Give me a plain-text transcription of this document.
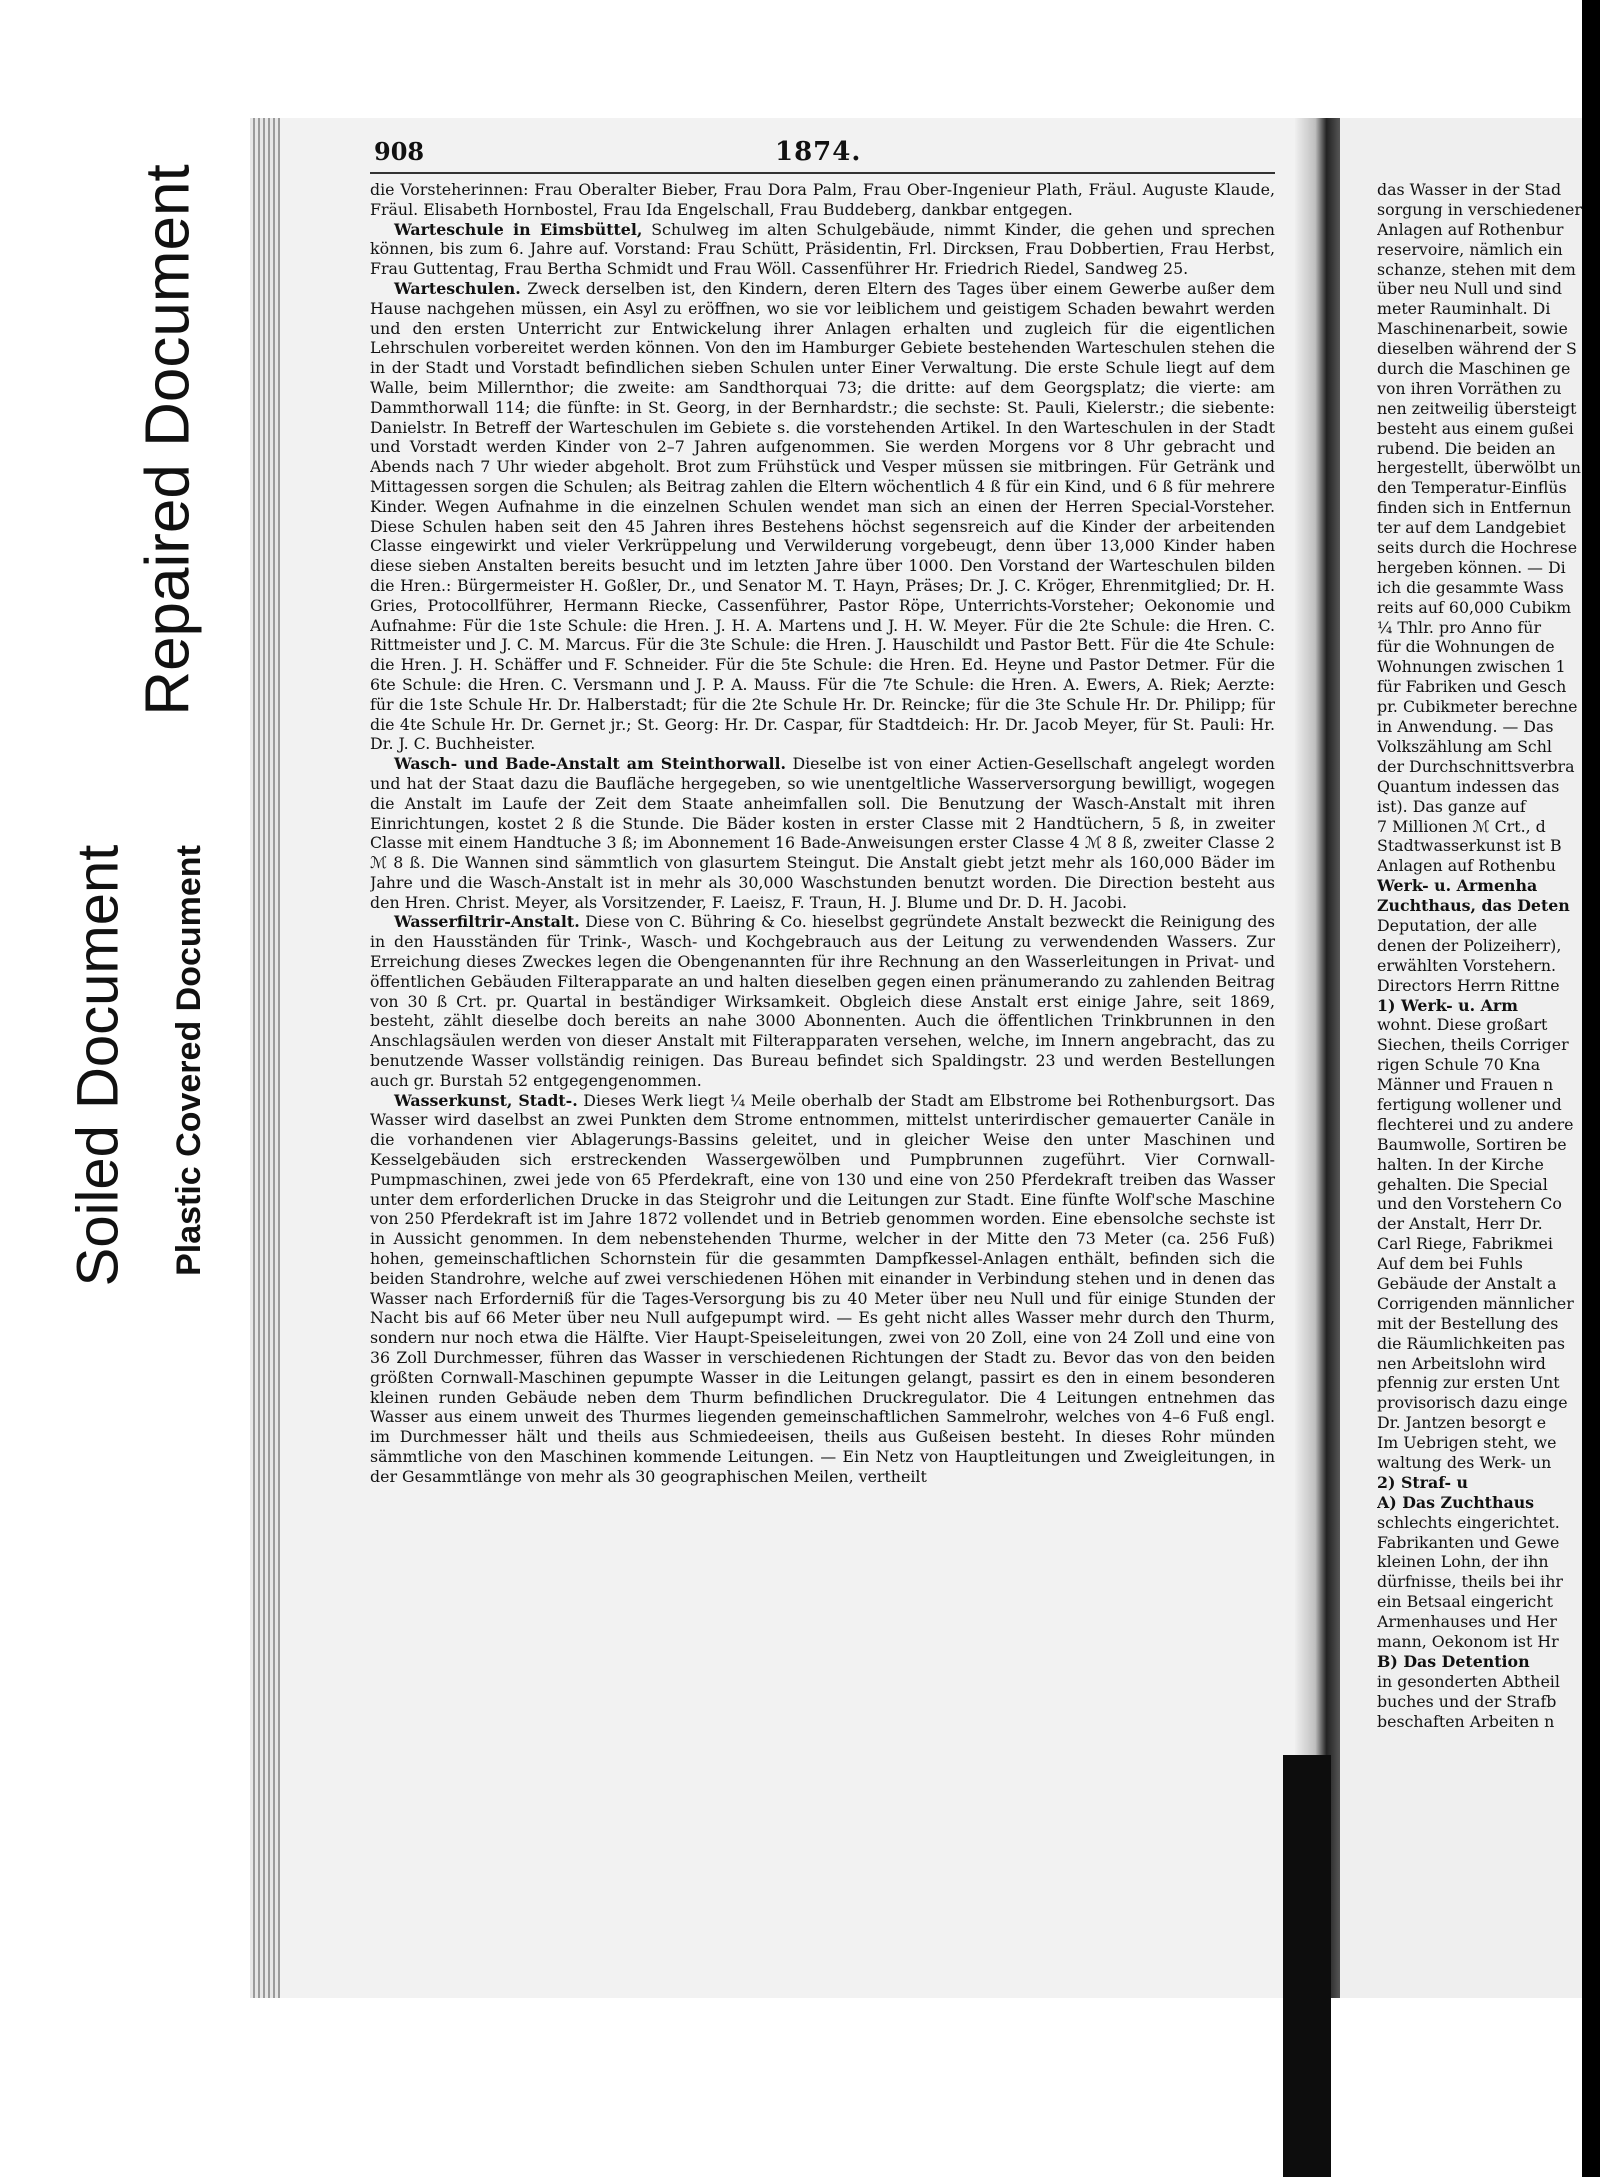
Repaired Document
Soiled Document Plastic Covered Document
908	1874.

die Vorsteherinnen: Frau Oberalter Bieber, Frau Dora Palm, Frau Ober-Ingenieur Plath, Fräul. Auguste Klaude, Fräul. Elisabeth Hornbostel, Frau Ida Engelschall, Frau Buddeberg, dankbar entgegen.

Warteschule in Eimsbüttel, Schulweg im alten Schulgebäude, nimmt Kinder, die gehen und sprechen können, bis zum 6. Jahre auf. Vorstand: Frau Schütt, Präsidentin, Frl. Dircksen, Frau Dobbertien, Frau Herbst, Frau Guttentag, Frau Bertha Schmidt und Frau Wöll. Cassenführer Hr. Friedrich Riedel, Sandweg 25.

Warteschulen. Zweck derselben ist, den Kindern, deren Eltern des Tages über einem Gewerbe außer dem Hause nachgehen müssen, ein Asyl zu eröffnen, wo sie vor leiblichem und geistigem Schaden bewahrt werden und den ersten Unterricht zur Entwickelung ihrer Anlagen erhalten und zugleich für die eigentlichen Lehrschulen vorbereitet werden können. Von den im Hamburger Gebiete bestehenden Warteschulen stehen die in der Stadt und Vorstadt befindlichen sieben Schulen unter Einer Verwaltung. Die erste Schule liegt auf dem Walle, beim Millernthor; die zweite: am Sandthorquai 73; die dritte: auf dem Georgsplatz; die vierte: am Dammthorwall 114; die fünfte: in St. Georg, in der Bernhardstr.; die sechste: St. Pauli, Kielerstr.; die siebente: Danielstr. In Betreff der Warteschulen im Gebiete s. die vorstehenden Artikel. In den Warteschulen in der Stadt und Vorstadt werden Kinder von 2–7 Jahren aufgenommen. Sie werden Morgens vor 8 Uhr gebracht und Abends nach 7 Uhr wieder abgeholt. Brot zum Frühstück und Vesper müssen sie mitbringen. Für Getränk und Mittagessen sorgen die Schulen; als Beitrag zahlen die Eltern wöchentlich 4 ß für ein Kind, und 6 ß für mehrere Kinder. Wegen Aufnahme in die einzelnen Schulen wendet man sich an einen der Herren Special-Vorsteher. Diese Schulen haben seit den 45 Jahren ihres Bestehens höchst segensreich auf die Kinder der arbeitenden Classe eingewirkt und vieler Verkrüppelung und Verwilderung vorgebeugt, denn über 13,000 Kinder haben diese sieben Anstalten bereits besucht und im letzten Jahre über 1000. Den Vorstand der Warteschulen bilden die Hren.: Bürgermeister H. Goßler, Dr., und Senator M. T. Hayn, Präses; Dr. J. C. Kröger, Ehrenmitglied; Dr. H. Gries, Protocollführer, Hermann Riecke, Cassenführer, Pastor Röpe, Unterrichts-Vorsteher; Oekonomie und Aufnahme: Für die 1ste Schule: die Hren. J. H. A. Martens und J. H. W. Meyer. Für die 2te Schule: die Hren. C. Rittmeister und J. C. M. Marcus. Für die 3te Schule: die Hren. J. Hauschildt und Pastor Bett. Für die 4te Schule: die Hren. J. H. Schäffer und F. Schneider. Für die 5te Schule: die Hren. Ed. Heyne und Pastor Detmer. Für die 6te Schule: die Hren. C. Versmann und J. P. A. Mauss. Für die 7te Schule: die Hren. A. Ewers, A. Riek; Aerzte: für die 1ste Schule Hr. Dr. Halberstadt; für die 2te Schule Hr. Dr. Reincke; für die 3te Schule Hr. Dr. Philipp; für die 4te Schule Hr. Dr. Gernet jr.; St. Georg: Hr. Dr. Caspar, für Stadtdeich: Hr. Dr. Jacob Meyer, für St. Pauli: Hr. Dr. J. C. Buchheister.

Wasch- und Bade-Anstalt am Steinthorwall. Dieselbe ist von einer Actien-Gesellschaft angelegt worden und hat der Staat dazu die Baufläche hergegeben, so wie unentgeltliche Wasserversorgung bewilligt, wogegen die Anstalt im Laufe der Zeit dem Staate anheimfallen soll. Die Benutzung der Wasch-Anstalt mit ihren Einrichtungen, kostet 2 ß die Stunde. Die Bäder kosten in erster Classe mit 2 Handtüchern, 5 ß, in zweiter Classe mit einem Handtuche 3 ß; im Abonnement 16 Bade-Anweisungen erster Classe 4 ℳ 8 ß, zweiter Classe 2 ℳ 8 ß. Die Wannen sind sämmtlich von glasurtem Steingut. Die Anstalt giebt jetzt mehr als 160,000 Bäder im Jahre und die Wasch-Anstalt ist in mehr als 30,000 Waschstunden benutzt worden. Die Direction besteht aus den Hren. Christ. Meyer, als Vorsitzender, F. Laeisz, F. Traun, H. J. Blume und Dr. D. H. Jacobi.

Wasserfiltrir-Anstalt. Diese von C. Bühring & Co. hieselbst gegründete Anstalt bezweckt die Reinigung des in den Hausständen für Trink-, Wasch- und Kochgebrauch aus der Leitung zu verwendenden Wassers. Zur Erreichung dieses Zweckes legen die Obengenannten für ihre Rechnung an den Wasserleitungen in Privat- und öffentlichen Gebäuden Filterapparate an und halten dieselben gegen einen pränumerando zu zahlenden Beitrag von 30 ß Crt. pr. Quartal in beständiger Wirksamkeit. Obgleich diese Anstalt erst einige Jahre, seit 1869, besteht, zählt dieselbe doch bereits an nahe 3000 Abonnenten. Auch die öffentlichen Trinkbrunnen in den Anschlagsäulen werden von dieser Anstalt mit Filterapparaten versehen, welche, im Innern angebracht, das zu benutzende Wasser vollständig reinigen. Das Bureau befindet sich Spaldingstr. 23 und werden Bestellungen auch gr. Burstah 52 entgegengenommen.

Wasserkunst, Stadt-. Dieses Werk liegt ¼ Meile oberhalb der Stadt am Elbstrome bei Rothenburgsort. Das Wasser wird daselbst an zwei Punkten dem Strome entnommen, mittelst unterirdischer gemauerter Canäle in die vorhandenen vier Ablagerungs-Bassins geleitet, und in gleicher Weise den unter Maschinen und Kesselgebäuden sich erstreckenden Wassergewölben und Pumpbrunnen zugeführt. Vier Cornwall-Pumpmaschinen, zwei jede von 65 Pferdekraft, eine von 130 und eine von 250 Pferdekraft treiben das Wasser unter dem erforderlichen Drucke in das Steigrohr und die Leitungen zur Stadt. Eine fünfte Wolf'sche Maschine von 250 Pferdekraft ist im Jahre 1872 vollendet und in Betrieb genommen worden. Eine ebensolche sechste ist in Aussicht genommen. In dem nebenstehenden Thurme, welcher in der Mitte den 73 Meter (ca. 256 Fuß) hohen, gemeinschaftlichen Schornstein für die gesammten Dampfkessel-Anlagen enthält, befinden sich die beiden Standrohre, welche auf zwei verschiedenen Höhen mit einander in Verbindung stehen und in denen das Wasser nach Erforderniß für die Tages-Versorgung bis zu 40 Meter über neu Null und für einige Stunden der Nacht bis auf 66 Meter über neu Null aufgepumpt wird. — Es geht nicht alles Wasser mehr durch den Thurm, sondern nur noch etwa die Hälfte. Vier Haupt-Speiseleitungen, zwei von 20 Zoll, eine von 24 Zoll und eine von 36 Zoll Durchmesser, führen das Wasser in verschiedenen Richtungen der Stadt zu. Bevor das von den beiden größten Cornwall-Maschinen gepumpte Wasser in die Leitungen gelangt, passirt es den in einem besonderen kleinen runden Gebäude neben dem Thurm befindlichen Druckregulator. Die 4 Leitungen entnehmen das Wasser aus einem unweit des Thurmes liegenden gemeinschaftlichen Sammelrohr, welches von 4–6 Fuß engl. im Durchmesser hält und theils aus Schmiedeeisen, theils aus Gußeisen besteht. In dieses Rohr münden sämmtliche von den Maschinen kommende Leitungen. — Ein Netz von Hauptleitungen und Zweigleitungen, in der Gesammtlänge von mehr als 30 geographischen Meilen, vertheilt

das Wasser in der Stad
sorgung in verschiedener
Anlagen auf Rothenbur
reservoire, nämlich ein
schanze, stehen mit dem
über neu Null und sind
meter Rauminhalt. Di
Maschinenarbeit, sowie
dieselben während der S
durch die Maschinen ge
von ihren Vorräthen zu
nen zeitweilig übersteigt
besteht aus einem gußei
rubend. Die beiden an
hergestellt, überwölbt un
den Temperatur-Einflüs
finden sich in Entfernun
ter auf dem Landgebiet
seits durch die Hochrese
hergeben können. — Di
ich die gesammte Wass
reits auf 60,000 Cubikm
¼ Thlr. pro Anno für
für die Wohnungen de
Wohnungen zwischen 1
für Fabriken und Gesch
pr. Cubikmeter berechne
in Anwendung. — Das
Volkszählung am Schl
der Durchschnittsverbra
Quantum indessen das
ist). Das ganze auf
7 Millionen ℳ Crt., d
Stadtwasserkunst ist B
Anlagen auf Rothenbu
Werk- u. Armenha
Zuchthaus, das Deten
Deputation, der alle
denen der Polizeiherr),
erwählten Vorstehern.
Directors Herrn Rittne
1) Werk- u. Arm
wohnt. Diese großart
Siechen, theils Corriger
rigen Schule 70 Kna
Männer und Frauen n
fertigung wollener und
flechterei und zu andere
Baumwolle, Sortiren be
halten. In der Kirche
gehalten. Die Special
und den Vorstehern Co
der Anstalt, Herr Dr.
Carl Riege, Fabrikmei
Auf dem bei Fuhls
Gebäude der Anstalt a
Corrigenden männlicher
mit der Bestellung des
die Räumlichkeiten pas
nen Arbeitslohn wird
pfennig zur ersten Unt
provisorisch dazu einge
Dr. Jantzen besorgt e
Im Uebrigen steht, we
waltung des Werk- un
2) Straf- u
A) Das Zuchthaus
schlechts eingerichtet.
Fabrikanten und Gewe
kleinen Lohn, der ihn
dürfnisse, theils bei ihr
ein Betsaal eingericht
Armenhauses und Her
mann, Oekonom ist Hr
B) Das Detention
in gesonderten Abtheil
buches und der Strafb
beschaften Arbeiten n
